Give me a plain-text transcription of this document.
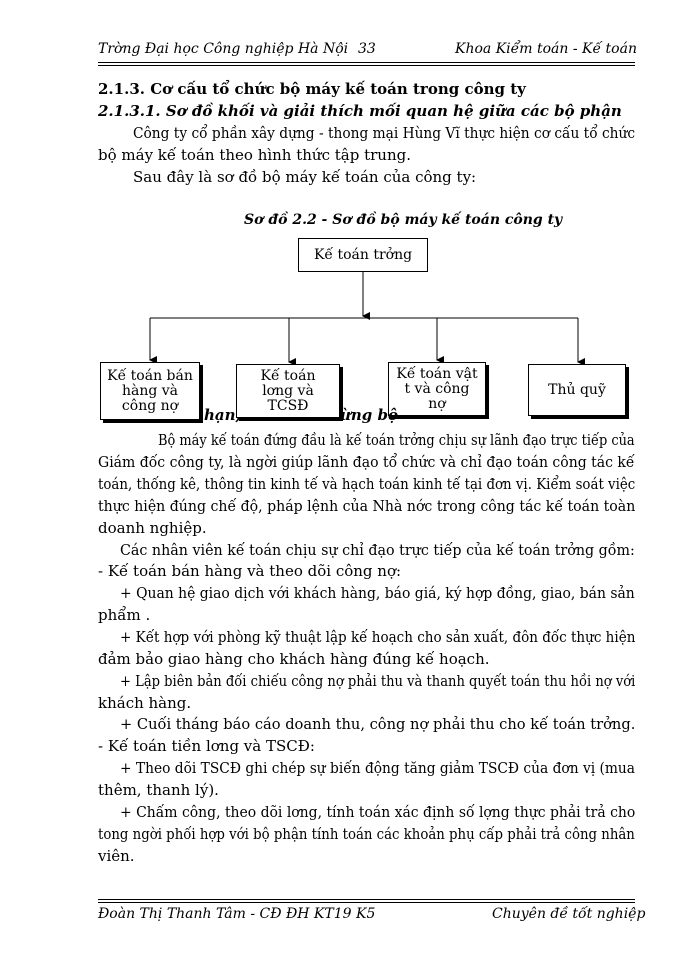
Trờng Đại học Công nghiệp Hà Nội 33	Khoa Kiểm toán - Kế toán
2.1.3. Cơ cấu tổ chức bộ máy kế toán trong công ty
2.1.3.1. Sơ đồ khối và giải thích mối quan hệ giữa các bộ phận
Công ty cổ phần xây dựng - thong mại Hùng Vĩ thực hiện cơ cấu tổ chức
bộ máy kế toán theo hình thức tập trung.
Sau đây là sơ đồ bộ máy kế toán của công ty:
Sơ đồ 2.2 - Sơ đồ bộ máy kế toán công ty
Kế toán trởng
Kế toán bán
hàng và
công nợ
Kế toán
lơng và
TCSĐ
Kế toán vật
t và công
nợ
Thủ quỹ
hạn,	ừng bộ
Bộ máy kế toán đứng đầu là kế toán trởng chịu sự lãnh đạo trực tiếp của
Giám đốc công ty, là ngời giúp lãnh đạo tổ chức và chỉ đạo toán công tác kế
toán, thống kê, thông tin kinh tế và hạch toán kinh tế tại đơn vị. Kiểm soát việc
thực hiện đúng chế độ, pháp lệnh của Nhà nớc trong công tác kế toán toàn
doanh nghiệp.
Các nhân viên kế toán chịu sự chỉ đạo trực tiếp của kế toán trởng gồm:
- Kế toán bán hàng và theo dõi công nợ:
+ Quan hệ giao dịch với khách hàng, báo giá, ký hợp đồng, giao, bán sản
phẩm .
+ Kết hợp với phòng kỹ thuật lập kế hoạch cho sản xuất, đôn đốc thực hiện
đảm bảo giao hàng cho khách hàng đúng kế hoạch.
+ Lập biên bản đối chiếu công nợ phải thu và thanh quyết toán thu hồi nợ với
khách hàng.
+ Cuối tháng báo cáo doanh thu, công nợ phải thu cho kế toán trởng.
- Kế toán tiền lơng và TSCĐ:
+ Theo dõi TSCĐ ghi chép sự biến động tăng giảm TSCĐ của đơn vị (mua
thêm, thanh lý).
+ Chấm công, theo dõi lơng, tính toán xác định số lợng thực phải trả cho
tong ngời phối hợp với bộ phận tính toán các khoản phụ cấp phải trả công nhân
viên.
Đoàn Thị Thanh Tâm - CĐ ĐH KT19 K5	Chuyên đề tốt nghiệp
